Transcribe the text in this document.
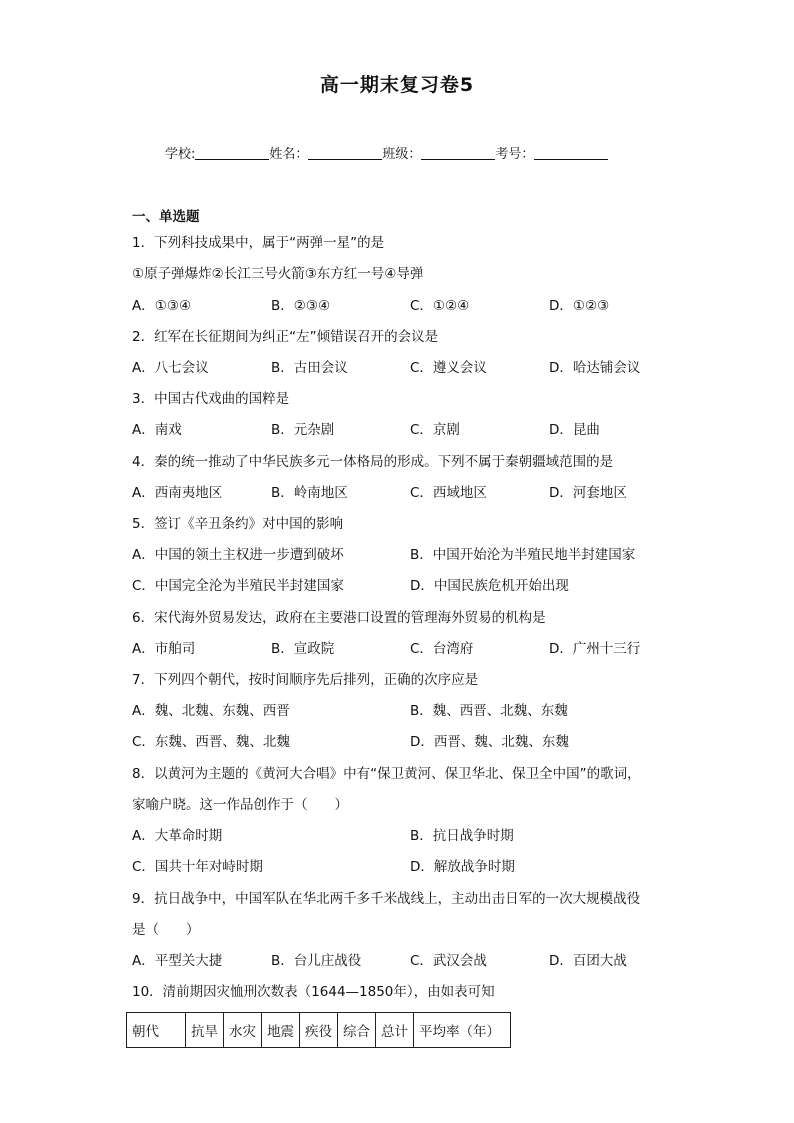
高一期末复习卷5
学校:	姓名：	班级：	考号：
一、单选题
1．下列科技成果中，属于“两弹一星”的是
①原子弹爆炸②长江三号火箭③东方红一号④导弹
A．①③④	B．②③④	C．①②④	D．①②③
2．红军在长征期间为纠正“左”倾错误召开的会议是
A．八七会议	B．古田会议	C．遵义会议	D．哈达铺会议
3．中国古代戏曲的国粹是
A．南戏	B．元杂剧	C．京剧	D．昆曲
4．秦的统一推动了中华民族多元一体格局的形成。下列不属于秦朝疆域范围的是
A．西南夷地区	B．岭南地区	C．西域地区	D．河套地区
5．签订《辛丑条约》对中国的影响
A．中国的领土主权进一步遭到破坏	B．中国开始沦为半殖民地半封建国家
C．中国完全沦为半殖民半封建国家	D．中国民族危机开始出现
6．宋代海外贸易发达，政府在主要港口设置的管理海外贸易的机构是
A．市舶司	B．宣政院	C．台湾府	D．广州十三行
7．下列四个朝代，按时间顺序先后排列，正确的次序应是
A．魏、北魏、东魏、西晋	B．魏、西晋、北魏、东魏
C．东魏、西晋、魏、北魏	D．西晋、魏、北魏、东魏
8．以黄河为主题的《黄河大合唱》中有“保卫黄河、保卫华北、保卫全中国”的歌词，
家喻户晓。这一作品创作于（　　）
A．大革命时期	B．抗日战争时期
C．国共十年对峙时期	D．解放战争时期
9．抗日战争中，中国军队在华北两千多千米战线上，主动出击日军的一次大规模战役
是（　　）
A．平型关大捷	B．台儿庄战役	C．武汉会战	D．百团大战
10．清前期因灾恤刑次数表（1644—1850年），由如表可知
朝代	抗旱	水灾	地震	疾役	综合	总计	平均率（年）
